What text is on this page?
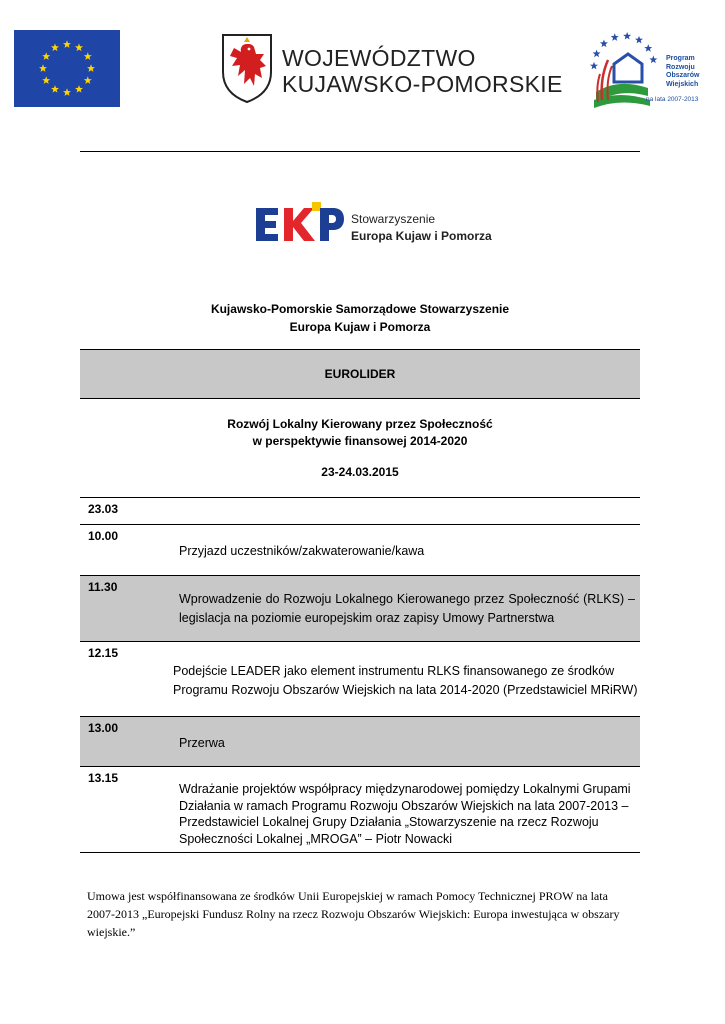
WOJEWÓDZTWO
KUJAWSKO-POMORSKIE
Program
Rozwoju
Obszarów
Wiejskich
na lata 2007-2013
Stowarzyszenie
Europa Kujaw i Pomorza
Kujawsko-Pomorskie Samorządowe Stowarzyszenie
Europa Kujaw i Pomorza
EUROLIDER
Rozwój Lokalny Kierowany przez Społeczność
w perspektywie finansowej 2014-2020
23-24.03.2015
23.03
10.00
Przyjazd uczestników/zakwaterowanie/kawa
11.30
Wprowadzenie do Rozwoju Lokalnego Kierowanego przez Społeczność (RLKS) –
legislacja na poziomie europejskim oraz zapisy Umowy Partnerstwa
12.15
Podejście LEADER jako element instrumentu RLKS finansowanego ze środków
Programu Rozwoju Obszarów Wiejskich na lata 2014-2020 (Przedstawiciel MRiRW)
13.00
Przerwa
13.15
Wdrażanie projektów współpracy międzynarodowej pomiędzy Lokalnymi Grupami
Działania w ramach Programu Rozwoju Obszarów Wiejskich na lata 2007-2013 –
Przedstawiciel Lokalnej Grupy Działania „Stowarzyszenie na rzecz Rozwoju
Społeczności Lokalnej „MROGA” – Piotr Nowacki
Umowa jest współfinansowana ze środków Unii Europejskiej w ramach Pomocy Technicznej PROW na lata
2007-2013 „Europejski Fundusz Rolny na rzecz Rozwoju Obszarów Wiejskich: Europa inwestująca w obszary
wiejskie.”
